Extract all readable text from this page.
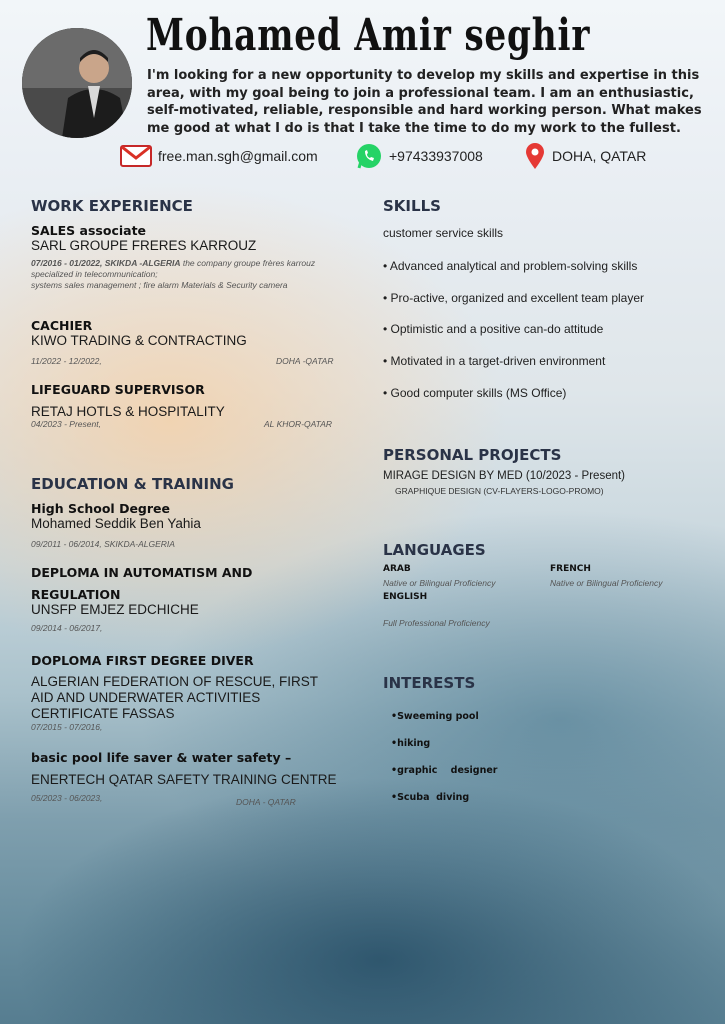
Mohamed Amir seghir
I'm looking for a new opportunity to develop my skills and expertise in this area, with my goal being to join a professional team. I am an enthusiastic, self-motivated, reliable, responsible and hard working person. What makes me good at what I do is that I take the time to do my work to the fullest.
free.man.sgh@gmail.com	+97433937008	DOHA, QATAR
WORK EXPERIENCE
SALES associate
SARL GROUPE FRERES KARROUZ
07/2016 - 01/2022, SKIKDA -ALGERIA the company groupe frères karrouz specialized in telecommunication;
systems sales management ; fire alarm Materials & Security camera
CACHIER
KIWO TRADING & CONTRACTING
11/2022 - 12/2022,	DOHA -QATAR
LIFEGUARD SUPERVISOR
RETAJ HOTLS & HOSPITALITY
04/2023 - Present,	AL KHOR-QATAR
EDUCATION & TRAINING
High School Degree
Mohamed Seddik Ben Yahia
09/2011 - 06/2014, SKIKDA-ALGERIA
DEPLOMA IN AUTOMATISM AND
REGULATION
UNSFP EMJEZ EDCHICHE
09/2014 - 06/2017,
DOPLOMA FIRST DEGREE DIVER
ALGERIAN FEDERATION OF RESCUE, FIRST
AID AND UNDERWATER ACTIVITIES
CERTIFICATE FASSAS
07/2015 - 07/2016,
basic pool life saver & water safety –
ENERTECH QATAR SAFETY TRAINING CENTRE
05/2023 - 06/2023,	DOHA - QATAR
SKILLS
customer service skills
• Advanced analytical and problem-solving skills
• Pro-active, organized and excellent team player
• Optimistic and a positive can-do attitude
• Motivated in a target-driven environment
• Good computer skills (MS Office)
PERSONAL PROJECTS
MIRAGE DESIGN BY MED (10/2023 - Present)
GRAPHIQUE DESIGN (CV-FLAYERS-LOGO-PROMO)
LANGUAGES
ARAB
Native or Bilingual Proficiency
FRENCH
Native or Bilingual Proficiency
ENGLISH
Full Professional Proficiency
INTERESTS
•Sweeming pool
•hiking
•graphic    designer
•Scuba  diving
